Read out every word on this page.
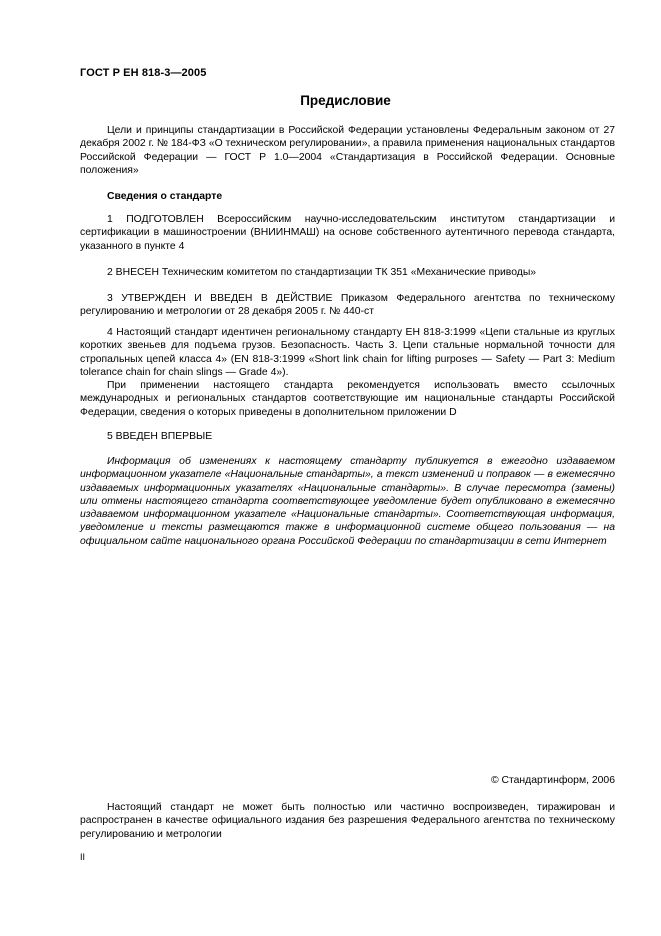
ГОСТ Р ЕН 818-3—2005
Предисловие

Цели и принципы стандартизации в Российской Федерации установлены Федеральным законом от 27 декабря 2002 г. № 184-ФЗ «О техническом регулировании», а правила применения национальных стандартов Российской Федерации — ГОСТ Р 1.0—2004 «Стандартизация в Российской Федерации. Основные положения»

Сведения о стандарте

1 ПОДГОТОВЛЕН Всероссийским научно-исследовательским институтом стандартизации и сертификации в машиностроении (ВНИИНМАШ) на основе собственного аутентичного перевода стандарта, указанного в пункте 4

2 ВНЕСЕН Техническим комитетом по стандартизации ТК 351 «Механические приводы»

3 УТВЕРЖДЕН И ВВЕДЕН В ДЕЙСТВИЕ Приказом Федерального агентства по техническому регулированию и метрологии от 28 декабря 2005 г. № 440-ст

4 Настоящий стандарт идентичен региональному стандарту ЕН 818-3:1999 «Цепи стальные из круглых коротких звеньев для подъема грузов. Безопасность. Часть 3. Цепи стальные нормальной точности для стропальных цепей класса 4» (EN 818-3:1999 «Short link chain for lifting purposes — Safety — Part 3: Medium tolerance chain for chain slings — Grade 4»).

При применении настоящего стандарта рекомендуется использовать вместо ссылочных международных и региональных стандартов соответствующие им национальные стандарты Российской Федерации, сведения о которых приведены в дополнительном приложении D

5 ВВЕДЕН ВПЕРВЫЕ

Информация об изменениях к настоящему стандарту публикуется в ежегодно издаваемом информационном указателе «Национальные стандарты», а текст изменений и поправок — в ежемесячно издаваемых информационных указателях «Национальные стандарты». В случае пересмотра (замены) или отмены настоящего стандарта соответствующее уведомление будет опубликовано в ежемесячно издаваемом информационном указателе «Национальные стандарты». Соответствующая информация, уведомление и тексты размещаются также в информационной системе общего пользования — на официальном сайте национального органа Российской Федерации по стандартизации в сети Интернет

© Стандартинформ, 2006

Настоящий стандарт не может быть полностью или частично воспроизведен, тиражирован и распространен в качестве официального издания без разрешения Федерального агентства по техническому регулированию и метрологии

II
